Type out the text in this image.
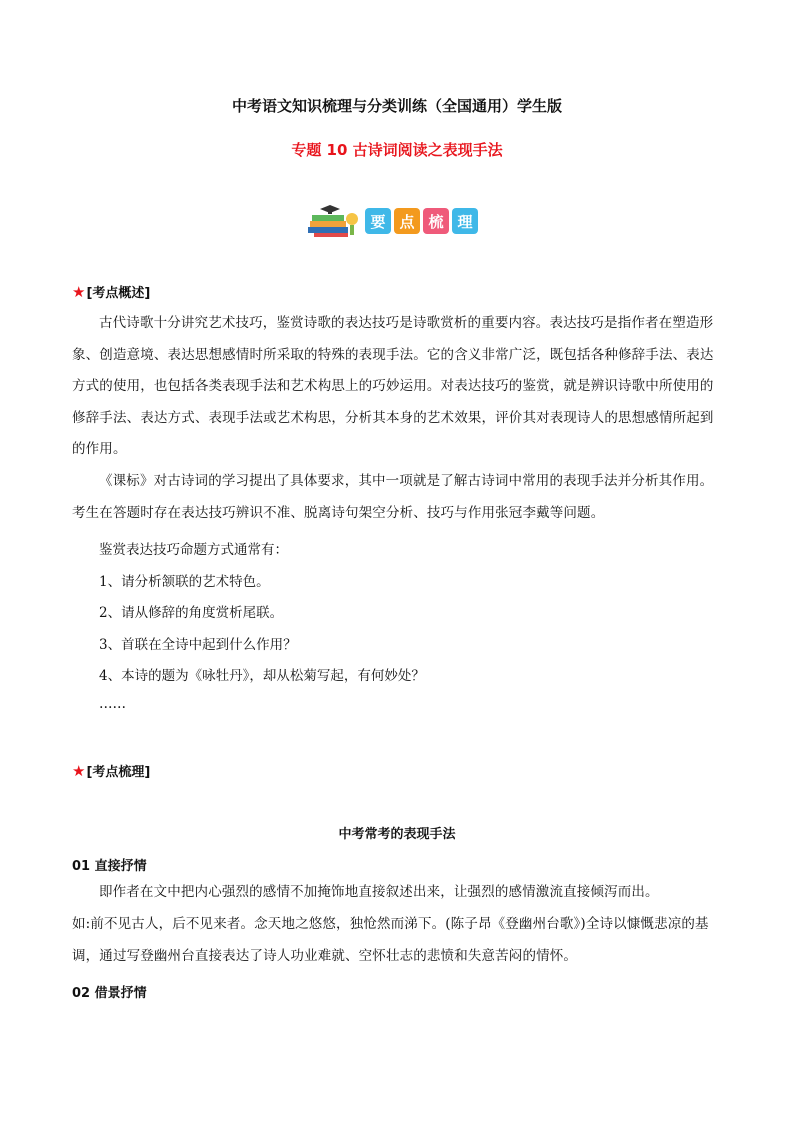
中考语文知识梳理与分类训练（全国通用）学生版
专题 10 古诗词阅读之表现手法
要 点 梳 理
★[考点概述]
古代诗歌十分讲究艺术技巧，鉴赏诗歌的表达技巧是诗歌赏析的重要内容。表达技巧是指作者在塑造形象、创造意境、表达思想感情时所采取的特殊的表现手法。它的含义非常广泛，既包括各种修辞手法、表达方式的使用，也包括各类表现手法和艺术构思上的巧妙运用。对表达技巧的鉴赏，就是辨识诗歌中所使用的修辞手法、表达方式、表现手法或艺术构思，分析其本身的艺术效果，评价其对表现诗人的思想感情所起到的作用。
《课标》对古诗词的学习提出了具体要求，其中一项就是了解古诗词中常用的表现手法并分析其作用。考生在答题时存在表达技巧辨识不准、脱离诗句架空分析、技巧与作用张冠李戴等问题。
鉴赏表达技巧命题方式通常有：
1、请分析颔联的艺术特色。
2、请从修辞的角度赏析尾联。
3、首联在全诗中起到什么作用？
4、本诗的题为《咏牡丹》，却从松菊写起，有何妙处？
……
★[考点梳理]
中考常考的表现手法
01 直接抒情
即作者在文中把内心强烈的感情不加掩饰地直接叙述出来，让强烈的感情激流直接倾泻而出。
如:前不见古人，后不见来者。念天地之悠悠，独怆然而涕下。(陈子昂《登幽州台歌》)全诗以慷慨悲凉的基调，通过写登幽州台直接表达了诗人功业难就、空怀壮志的悲愤和失意苦闷的情怀。
02 借景抒情
